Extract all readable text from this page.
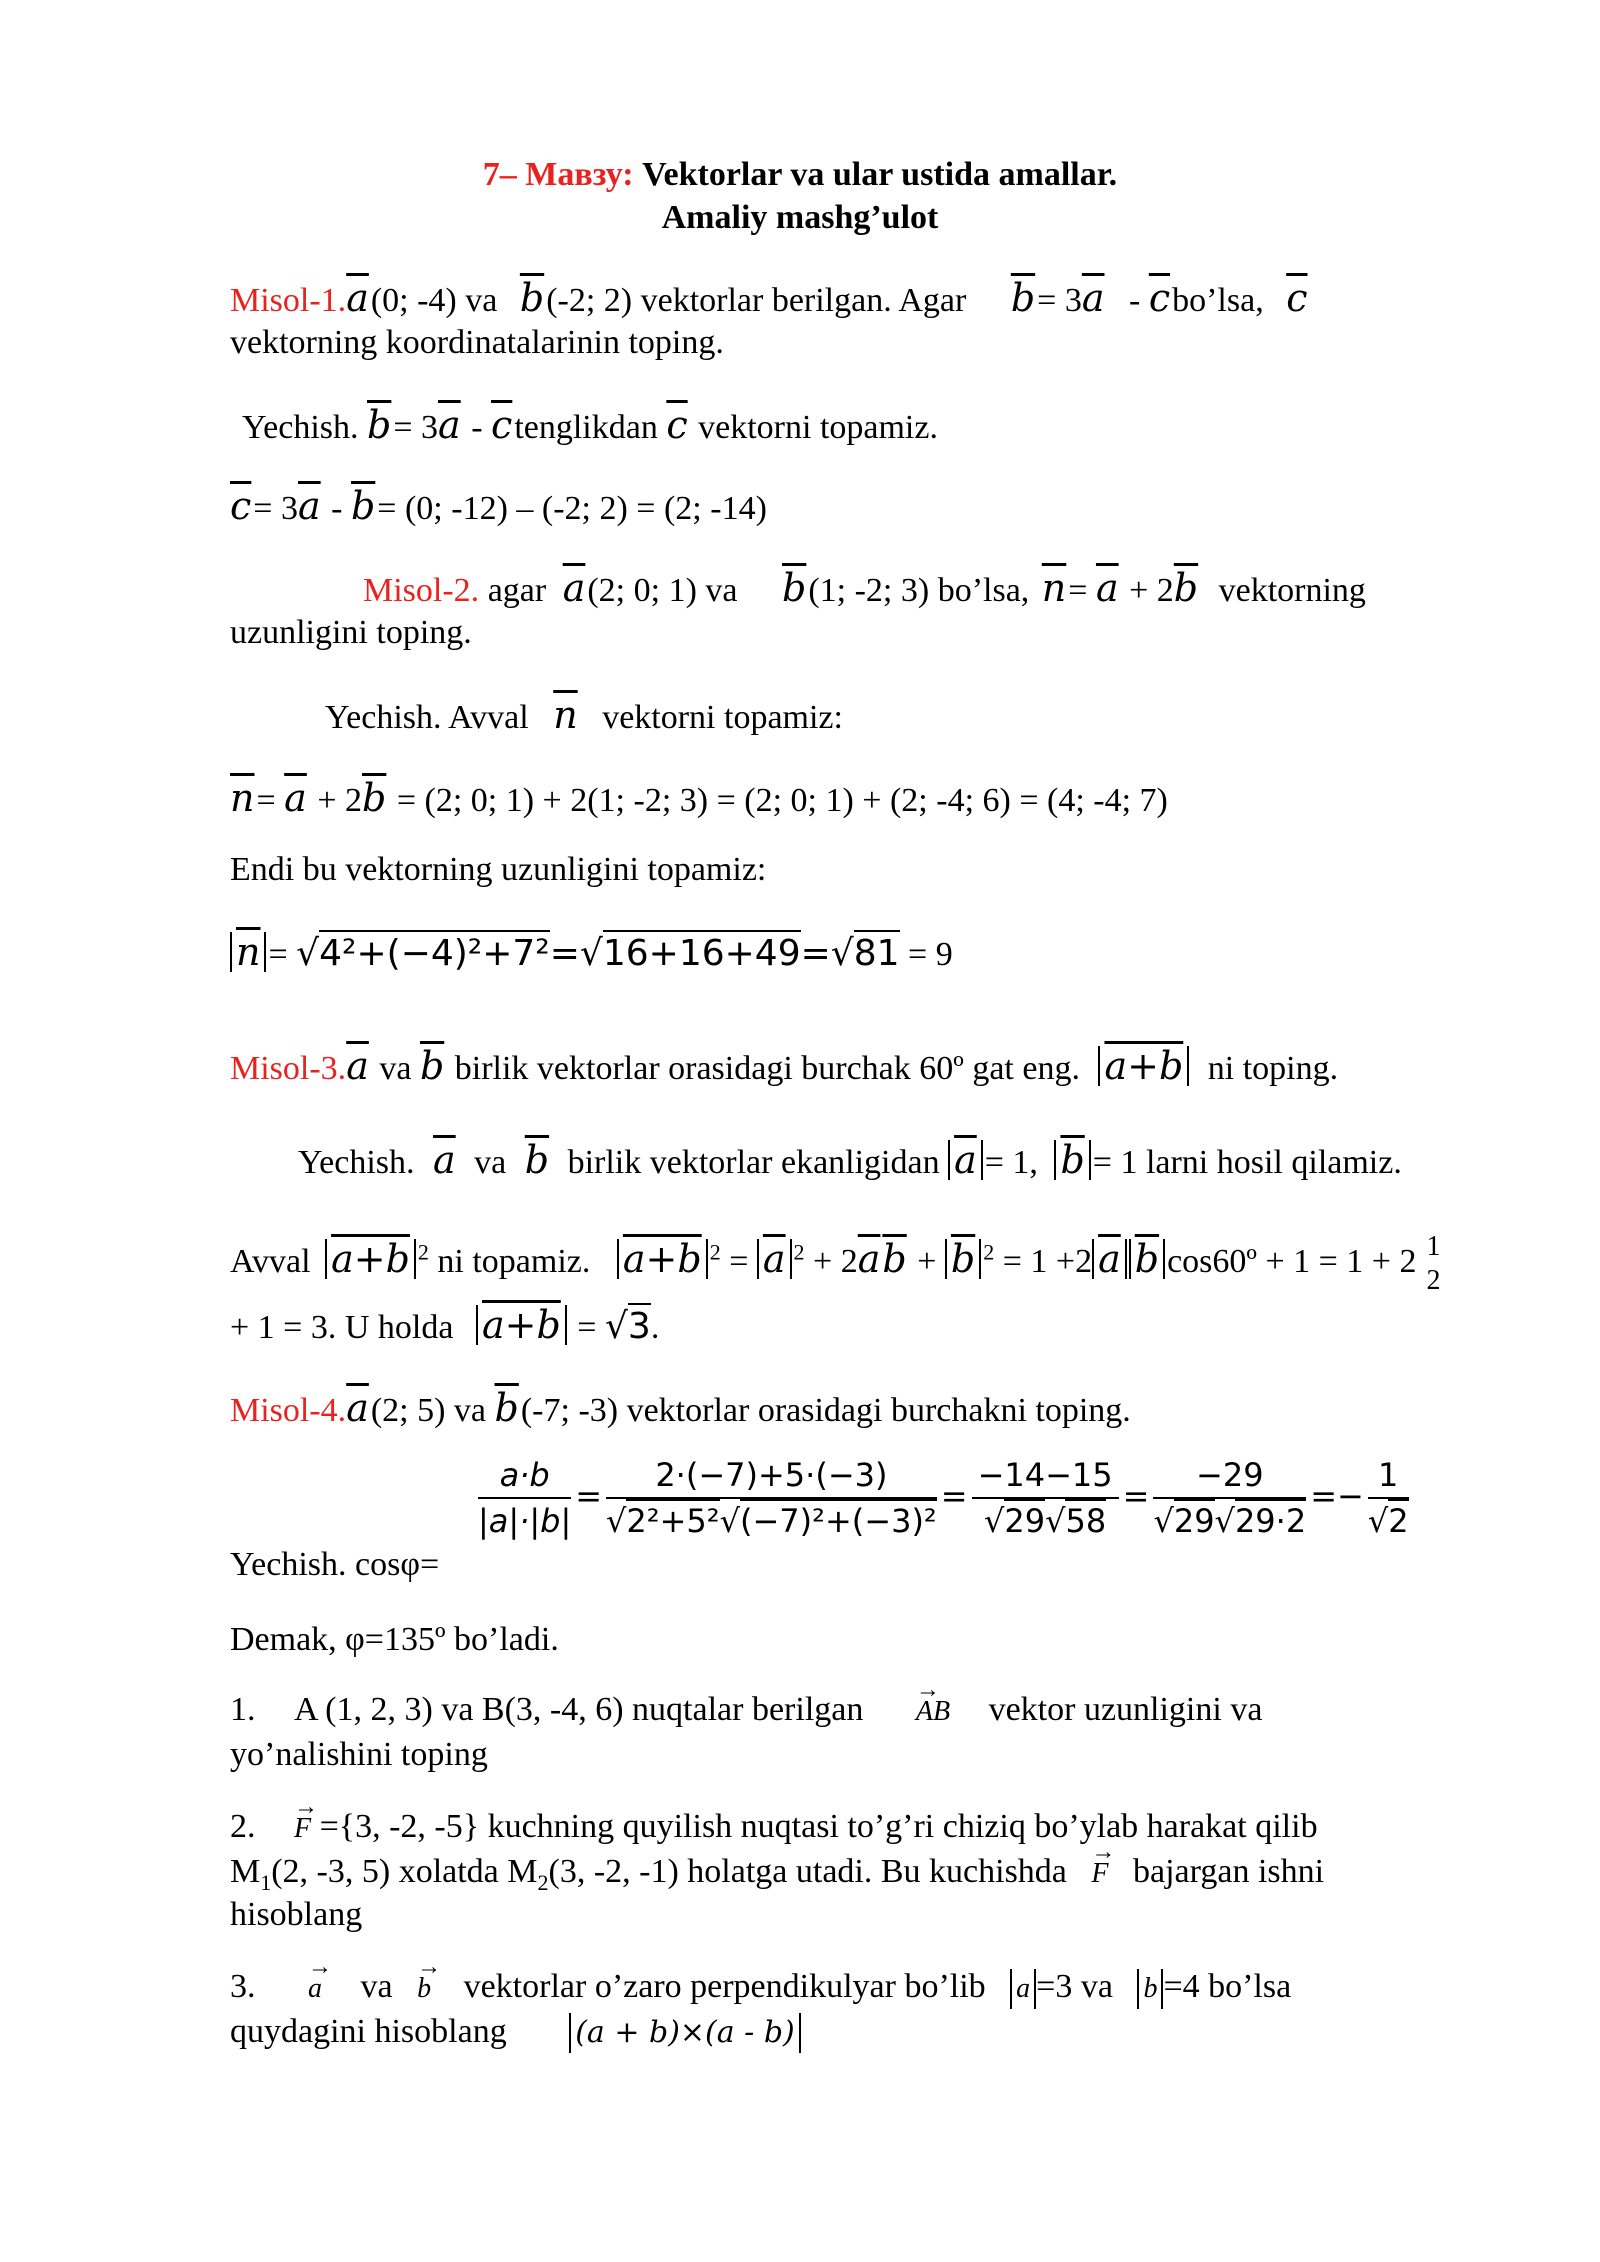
7– Мавзу: Vektorlar va ular ustida amallar.
Amaliy mashg’ulot
Misol-$1.\overline{a}(0$; -4) va $\overline{b}(-2$; 2) vektorlar berilgan. Agar $\overline{b}= 3\overline{a}$ - $\overline{c}bo’lsa$, $\overline{c}$
vektorning koordinatalarinin toping.
Yechish. $\overline{b}= 3\overline{a}$ - $\overline{c}tenglikdan$ $\overline{c}$ vektorni topamiz.
$\overline{c}= 3\overline{a} - \overline{b}= (0$; -12) – (-2; 2) = (2; -14)
Misol-2. agar $\overline{a}(2$; 0; 1) va $\overline{b}(1$; -2; 3) bo’lsa, $\overline{n}= \overline{a} + 2\overline{b}$ vektorning
uzunligini toping.
Yechish. Avval $\overline{n}$ vektorni topamiz:
$\overline{n}= \overline{a} + 2\overline{b} = (2$; 0; 1) + 2(1; -2; 3) = (2; 0; 1) + (2; -4; 6) = (4; -4; 7)
Endi bu vektorning uzunligini topamiz:
$\overline{n} = √4^2+(-4)^2+7^2=√16+16+49=√81 = 9$
Misol-$3.\overline{a}$ va $\overline{b}$ birlik vektorlar orasidagi burchak 60º gat eng. a+b ni toping.
Yechish. $\overline{a}$ va $\overline{b}$ birlik vektorlar ekanligidan $\overline{a} = 1$, $\overline{b} = 1$ larni hosil qilamiz.
Avval a+b $^2$ ni topamiz. a+b $^2 = \overline{a}$ $^2 + 2\overline{a}\overline{b} + \overline{b}$ $^2$ = 1 +2 $\overline{a}$ $\overline{b}$ cos60º + 1 = 1 + 2 1
2
+ 1 = 3. U holda a+b = √3.
Misol-$4.\overline{a}(2$; 5) va $\overline{b}(-7$; -3) vektorlar orasidagi burchakni toping.
Yechish. cosφ=
$\frac{a\cdot b}{|a|\cdot|b|} = \frac{2\cdot(-7)+5\cdot(-3)}{\text{√2²+5²√(−7)²+(−3)²}} = \frac{-14-15}{√29√58} = \frac{-29}{√29√29\cdot 2} =- \frac{1}{√2}$
Demak, φ=135º bo’ladi.
1. A (1, 2, 3) va B(3, -4, 6) nuqtalar berilgan → AB vektor uzunligini va
yo’nalishini toping
2. → F ={3, -2, -5} kuchning quyilish nuqtasi to’g’ri chiziq bo’ylab harakat qilib
$M_1(2$, -3, 5) xolatda $M_2(3$, -2, -1) holatga utadi. Bu kuchishda → F bajargan ishni
hisoblang
3. → a va → b vektorlar o’zaro perpendikulyar bo’lib a =3 va b =4 bo’lsa
quydagini hisoblang (a + b)×(a - b)
